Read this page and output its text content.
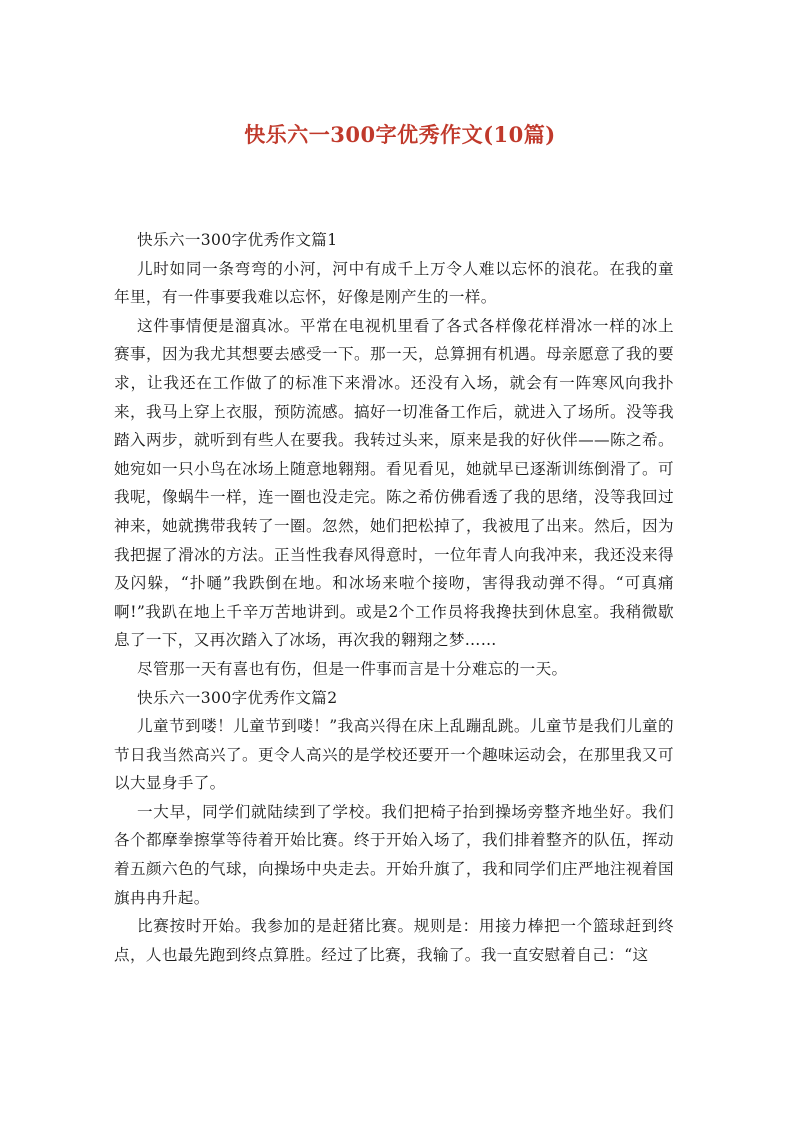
快乐六一300字优秀作文(10篇)
快乐六一300字优秀作文篇1

儿时如同一条弯弯的小河，河中有成千上万令人难以忘怀的浪花。在我的童年里，有一件事要我难以忘怀，好像是刚产生的一样。

这件事情便是溜真冰。平常在电视机里看了各式各样像花样滑冰一样的冰上赛事，因为我尤其想要去感受一下。那一天，总算拥有机遇。母亲愿意了我的要求，让我还在工作做了的标准下来滑冰。还没有入场，就会有一阵寒风向我扑来，我马上穿上衣服，预防流感。搞好一切准备工作后，就进入了场所。没等我踏入两步，就听到有些人在要我。我转过头来，原来是我的好伙伴——陈之希。她宛如一只小鸟在冰场上随意地翱翔。看见看见，她就早已逐渐训练倒滑了。可我呢，像蜗牛一样，连一圈也没走完。陈之希仿佛看透了我的思绪，没等我回过神来，她就携带我转了一圈。忽然，她们把松掉了，我被甩了出来。然后，因为我把握了滑冰的方法。正当性我春风得意时，一位年青人向我冲来，我还没来得及闪躲，“扑嗵”我跌倒在地。和冰场来啦个接吻，害得我动弹不得。“可真痛啊!”我趴在地上千辛万苦地讲到。或是2个工作员将我搀扶到休息室。我稍微歇息了一下，又再次踏入了冰场，再次我的翱翔之梦……

尽管那一天有喜也有伤，但是一件事而言是十分难忘的一天。

快乐六一300字优秀作文篇2

儿童节到喽！儿童节到喽！”我高兴得在床上乱蹦乱跳。儿童节是我们儿童的节日我当然高兴了。更令人高兴的是学校还要开一个趣味运动会，在那里我又可以大显身手了。

一大早，同学们就陆续到了学校。我们把椅子抬到操场旁整齐地坐好。我们各个都摩拳擦掌等待着开始比赛。终于开始入场了，我们排着整齐的队伍，挥动着五颜六色的气球，向操场中央走去。开始升旗了，我和同学们庄严地注视着国旗冉冉升起。

比赛按时开始。我参加的是赶猪比赛。规则是：用接力棒把一个篮球赶到终点，人也最先跑到终点算胜。经过了比赛，我输了。我一直安慰着自己：“这
